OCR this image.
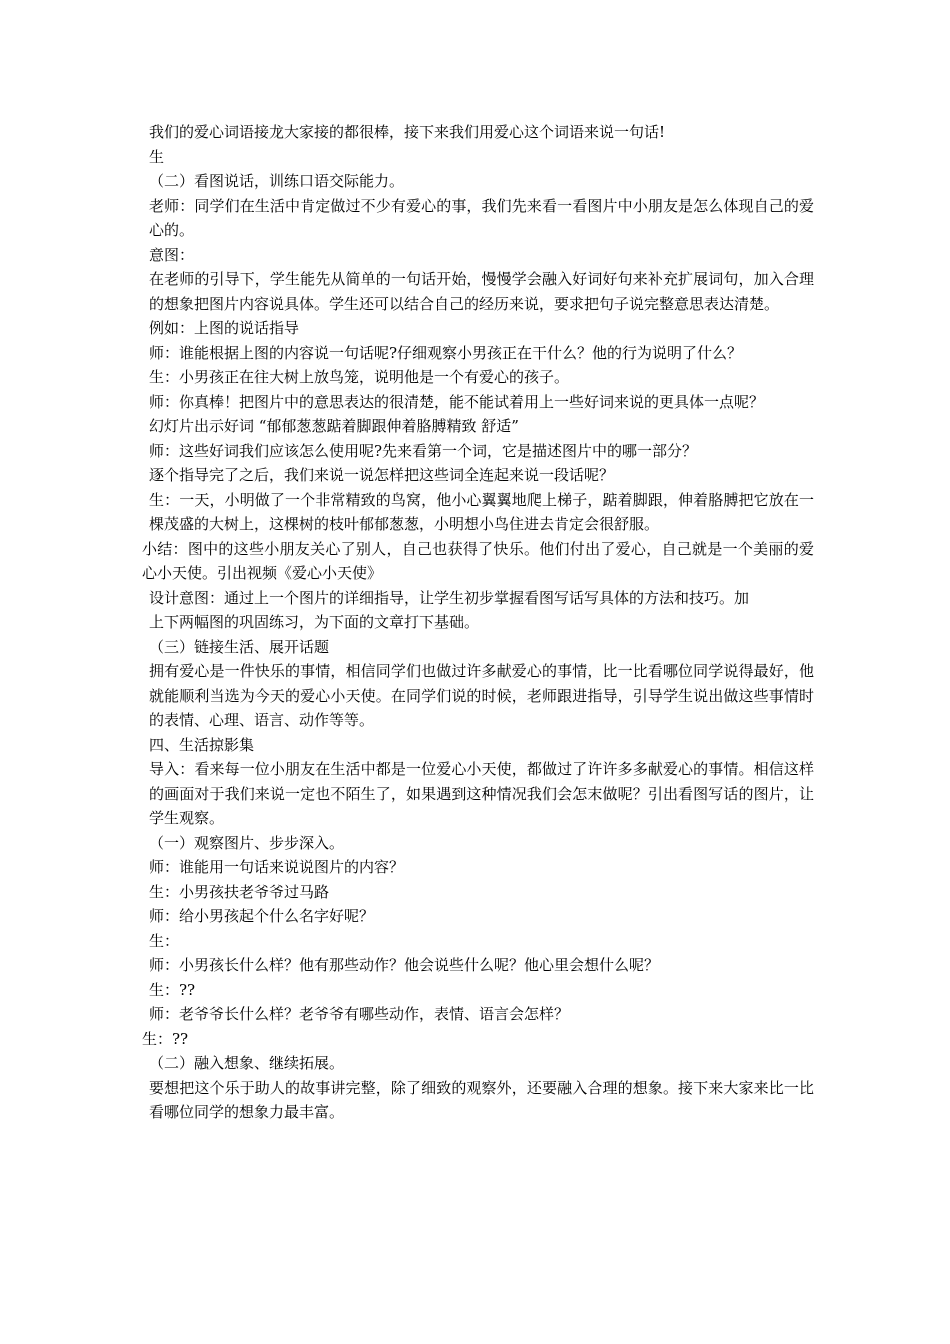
我们的爱心词语接龙大家接的都很棒，接下来我们用爱心这个词语来说一句话!

生

（二）看图说话，训练口语交际能力。

老师：同学们在生活中肯定做过不少有爱心的事，我们先来看一看图片中小朋友是怎么体现自己的爱心的。

意图：

在老师的引导下，学生能先从简单的一句话开始，慢慢学会融入好词好句来补充扩展词句，加入合理的想象把图片内容说具体。学生还可以结合自己的经历来说，要求把句子说完整意思表达清楚。

例如：上图的说话指导

师：谁能根据上图的内容说一句话呢?仔细观察小男孩正在干什么？他的行为说明了什么？

生：小男孩正在往大树上放鸟笼，说明他是一个有爱心的孩子。

师：你真棒！把图片中的意思表达的很清楚，能不能试着用上一些好词来说的更具体一点呢？

幻灯片出示好词 “郁郁葱葱踮着脚跟伸着胳膊精致 舒适”

师：这些好词我们应该怎么使用呢?先来看第一个词，它是描述图片中的哪一部分？

逐个指导完了之后，我们来说一说怎样把这些词全连起来说一段话呢？

生：一天，小明做了一个非常精致的鸟窝，他小心翼翼地爬上梯子，踮着脚跟，伸着胳膊把它放在一棵茂盛的大树上，这棵树的枝叶郁郁葱葱，小明想小鸟住进去肯定会很舒服。

小结：图中的这些小朋友关心了别人，自己也获得了快乐。他们付出了爱心，自己就是一个美丽的爱心小天使。引出视频《爱心小天使》

设计意图：通过上一个图片的详细指导，让学生初步掌握看图写话写具体的方法和技巧。加

上下两幅图的巩固练习，为下面的文章打下基础。

（三）链接生活、展开话题

拥有爱心是一件快乐的事情，相信同学们也做过许多献爱心的事情，比一比看哪位同学说得最好，他就能顺利当选为今天的爱心小天使。在同学们说的时候，老师跟进指导，引导学生说出做这些事情时的表情、心理、语言、动作等等。

四、生活掠影集

导入：看来每一位小朋友在生活中都是一位爱心小天使，都做过了许许多多献爱心的事情。相信这样的画面对于我们来说一定也不陌生了，如果遇到这种情况我们会怎末做呢？引出看图写话的图片，让学生观察。

（一）观察图片、步步深入。

师：谁能用一句话来说说图片的内容？

生：小男孩扶老爷爷过马路

师：给小男孩起个什么名字好呢？

生：

师：小男孩长什么样？他有那些动作？他会说些什么呢？他心里会想什么呢？

生：??

师：老爷爷长什么样？老爷爷有哪些动作，表情、语言会怎样？

生：??

（二）融入想象、继续拓展。

要想把这个乐于助人的故事讲完整，除了细致的观察外，还要融入合理的想象。接下来大家来比一比看哪位同学的想象力最丰富。
